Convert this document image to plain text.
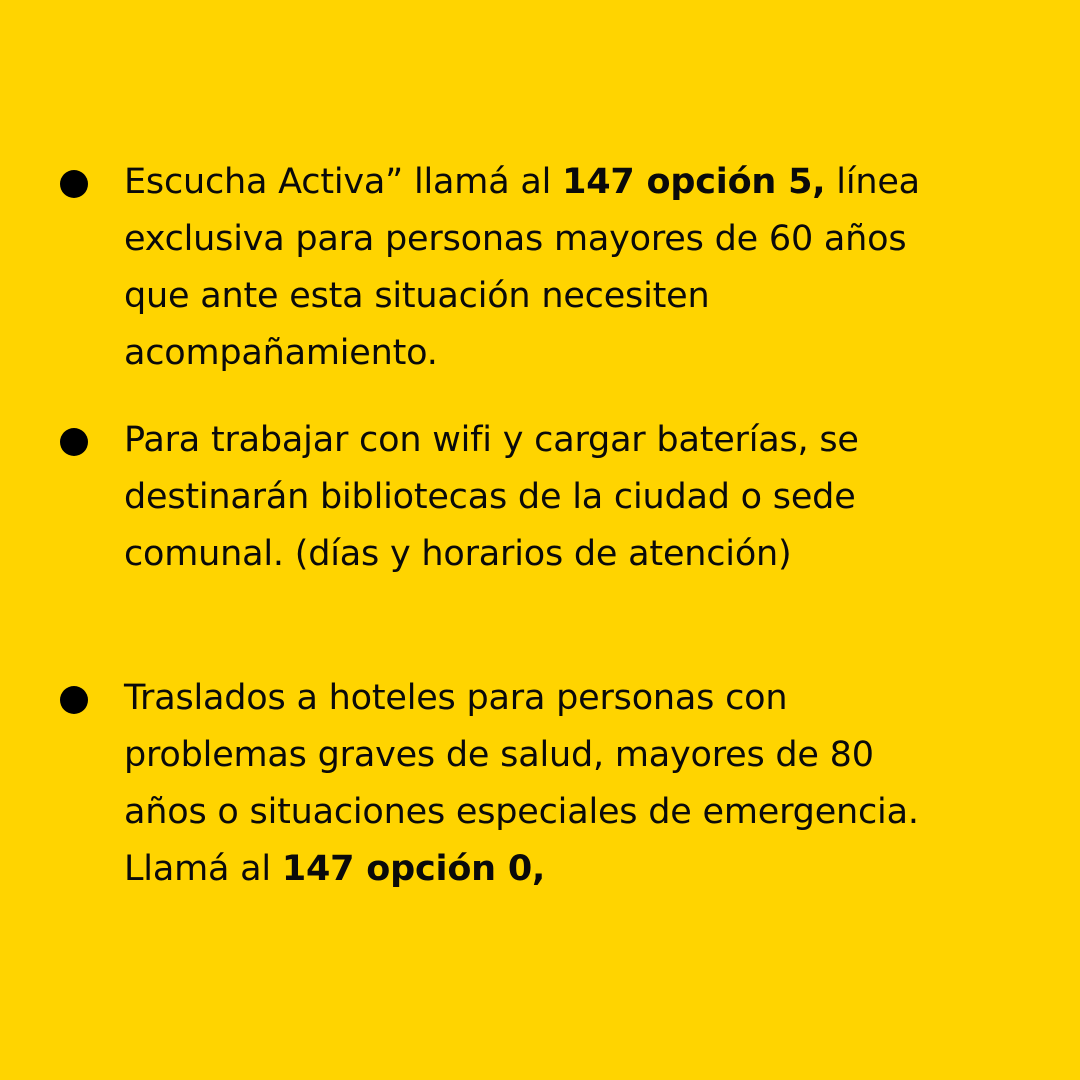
Escucha Activa” llamá al 147 opción 5, línea
exclusiva para personas mayores de 60 años
que ante esta situación necesiten
acompañamiento.

Para trabajar con wifi y cargar baterías, se
destinarán bibliotecas de la ciudad o sede
comunal. (días y horarios de atención)

Traslados a hoteles para personas con
problemas graves de salud, mayores de 80
años o situaciones especiales de emergencia.
Llamá al 147 opción 0,
